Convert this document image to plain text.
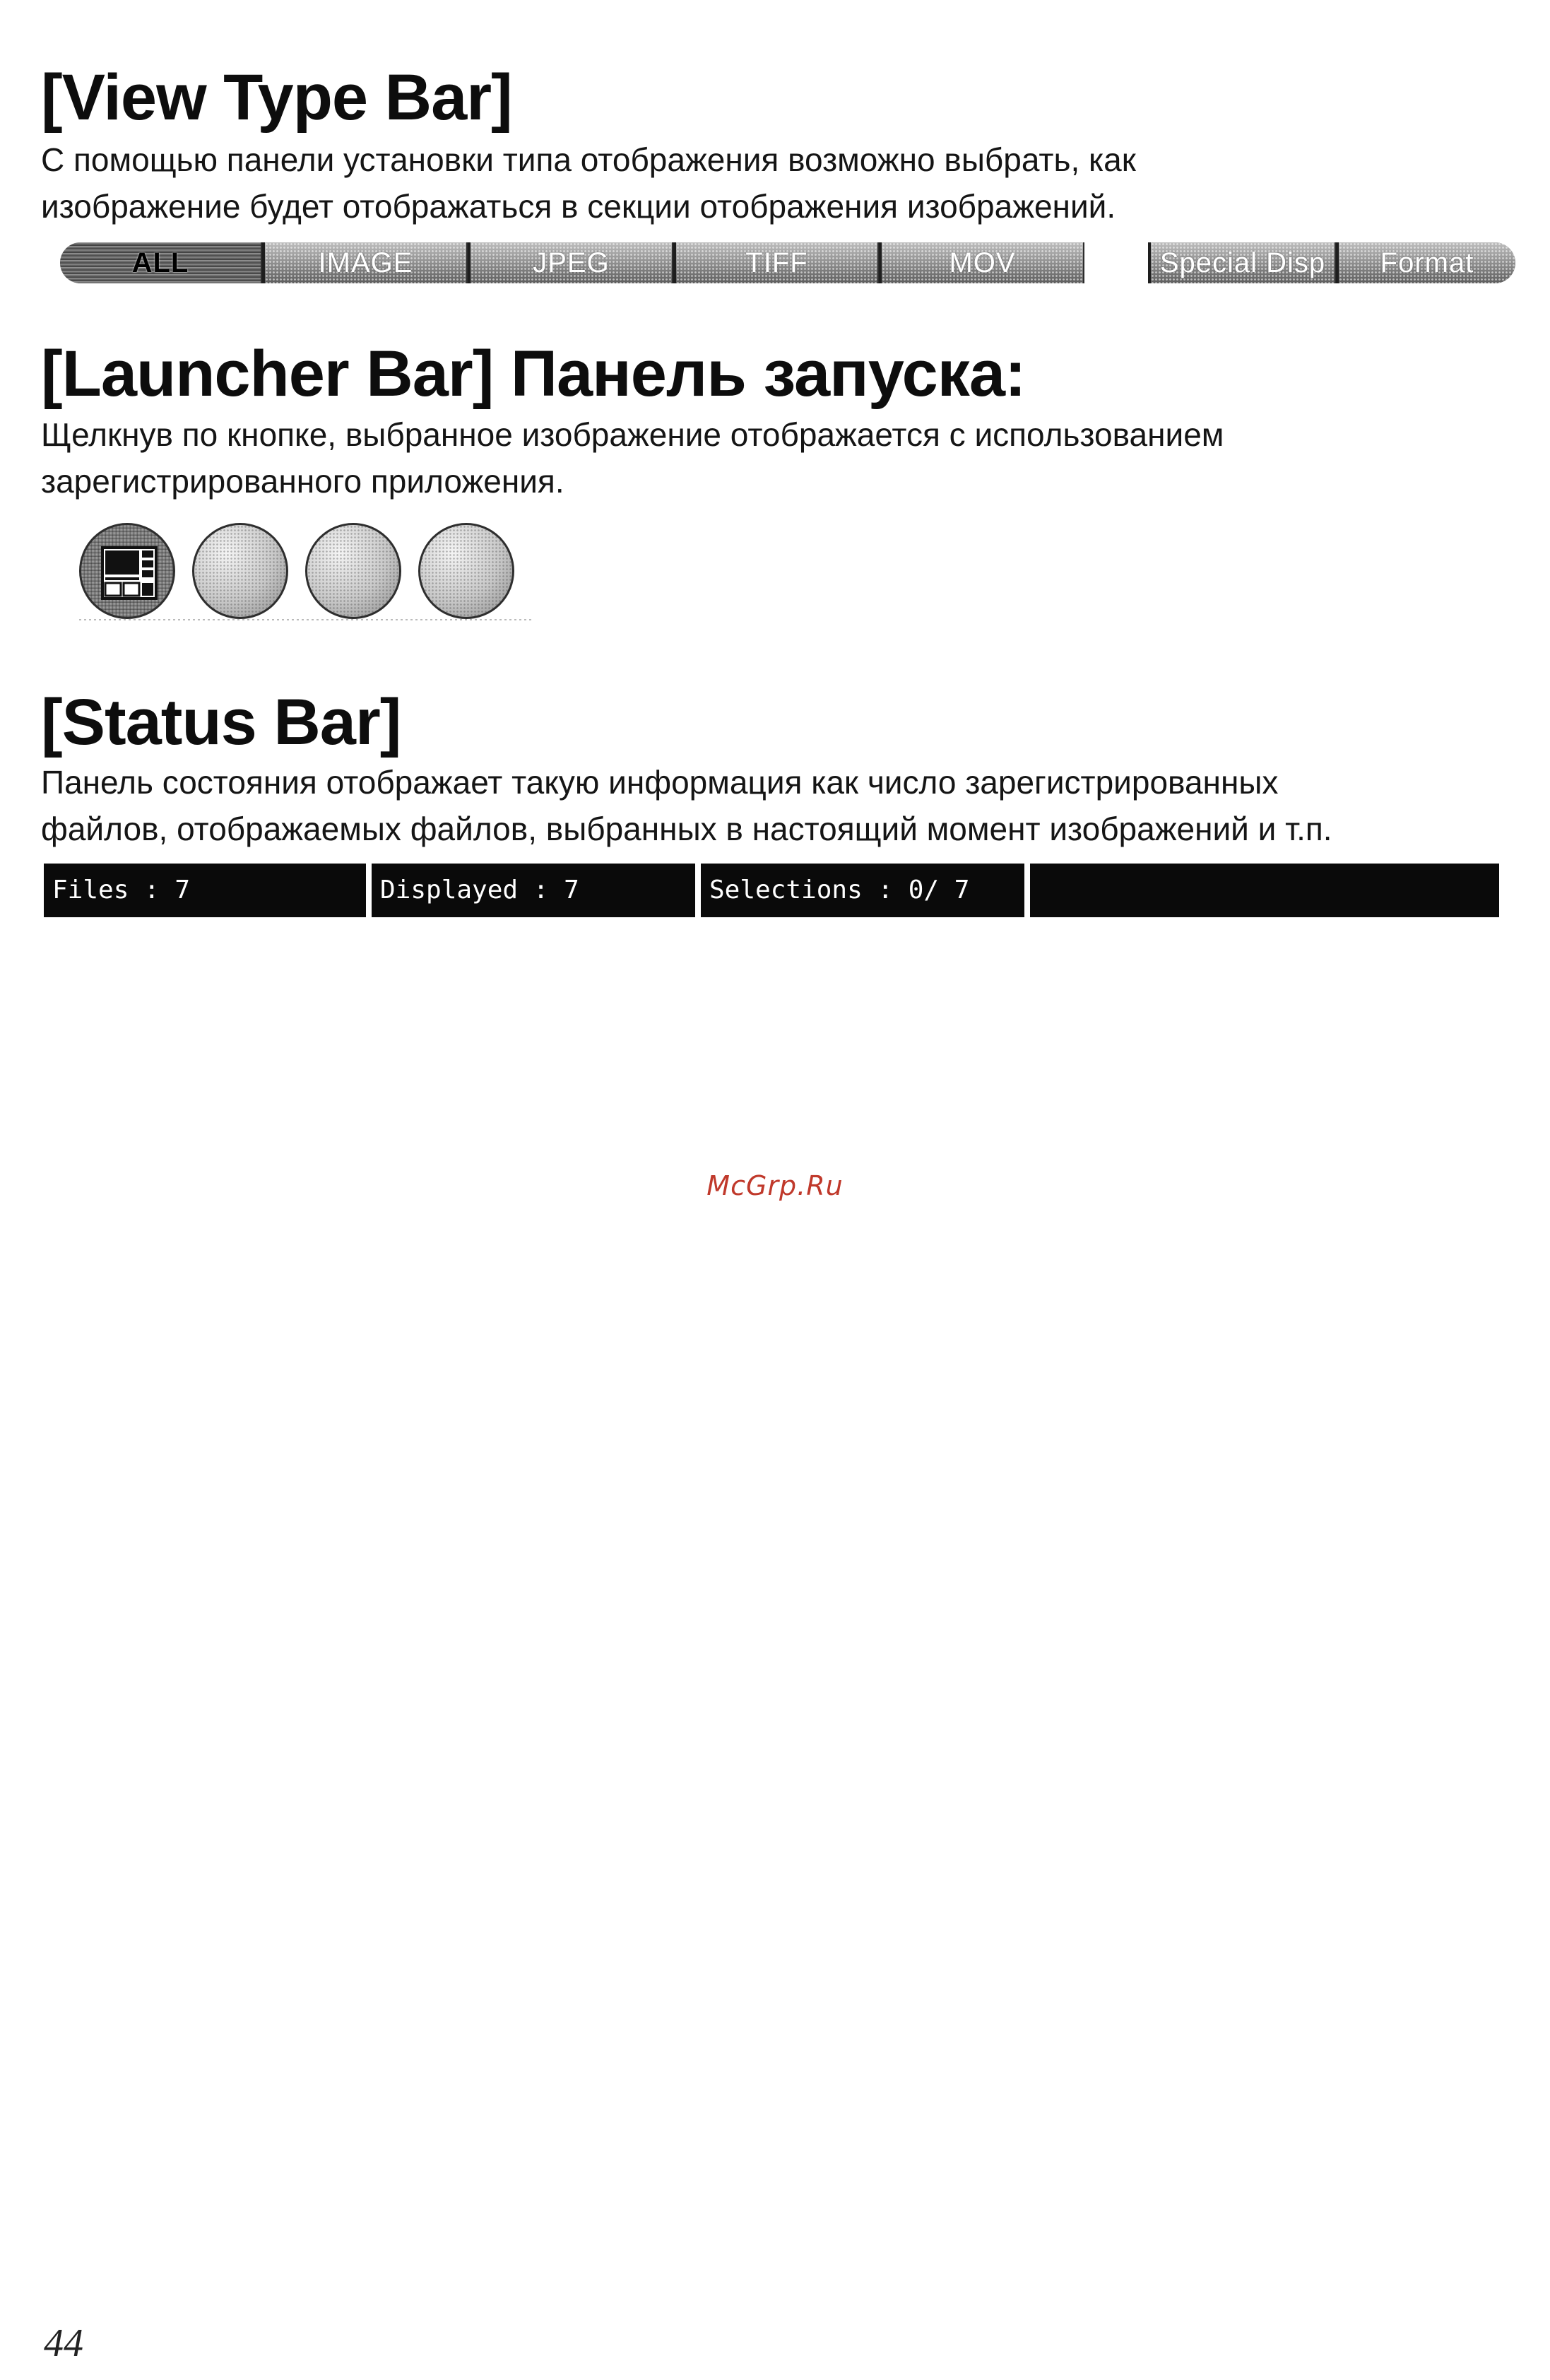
[View Type Bar]

С помощью панели установки типа отображения возможно выбрать, как
изображение будет отображаться в секции отображения изображений.

ALL	IMAGE	JPEG	TIFF	MOV	Special Disp	Format
[Launcher Bar] Панель запуска:

Щелкнув по кнопке, выбранное изображение отображается с использованием
зарегистрированного приложения.

[Status Bar]

Панель состояния отображает такую информация как число зарегистрированных
файлов, отображаемых файлов, выбранных в настоящий момент изображений и т.п.

Files : 7	Displayed : 7	Selections : 0/ 7

McGrp.Ru

44
